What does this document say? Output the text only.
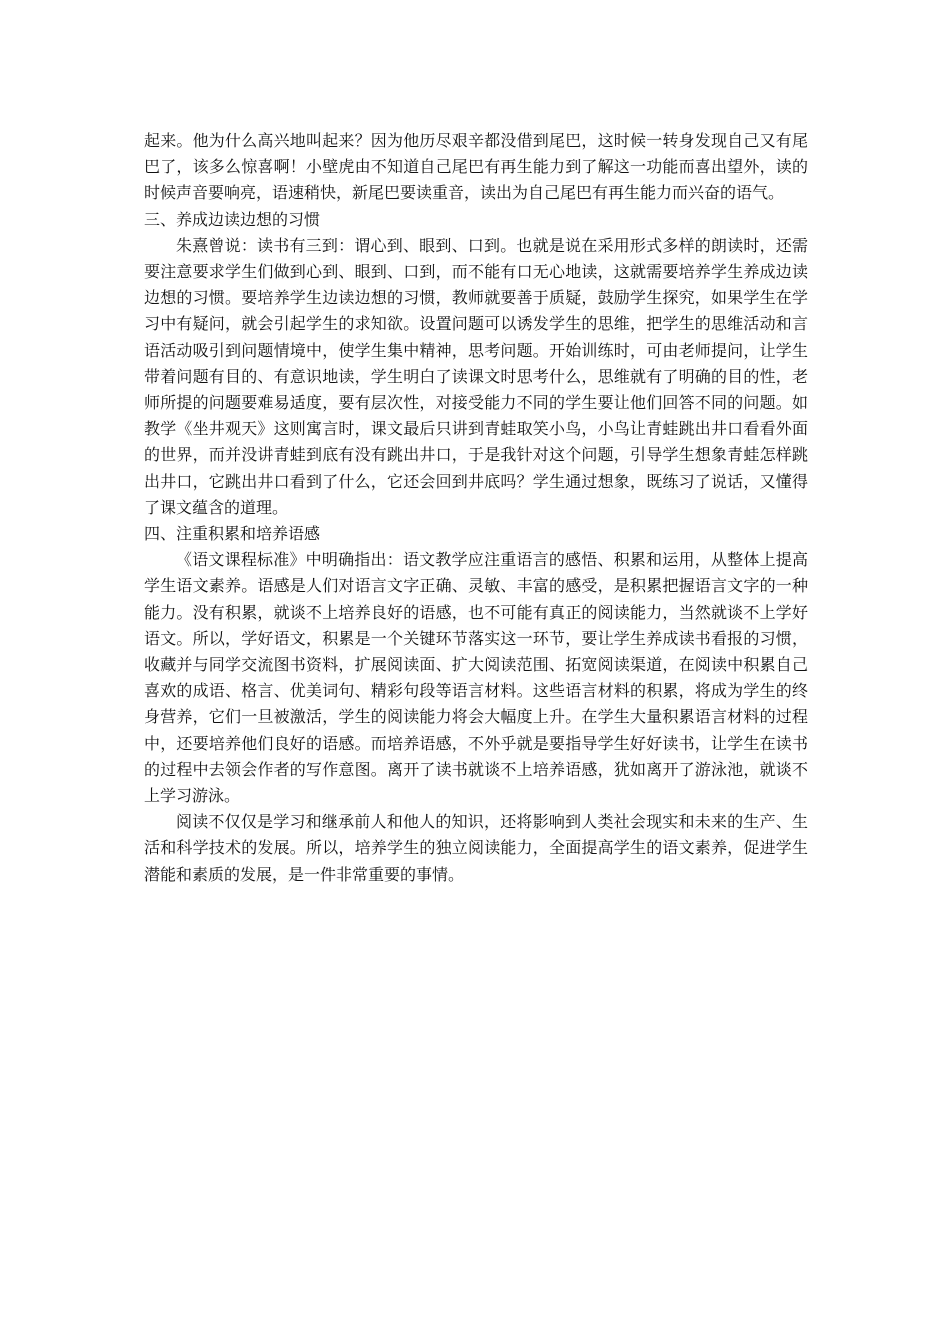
起来。他为什么高兴地叫起来？因为他历尽艰辛都没借到尾巴，这时候一转身发现自己又有尾巴了，该多么惊喜啊！小壁虎由不知道自己尾巴有再生能力到了解这一功能而喜出望外，读的时候声音要响亮，语速稍快，新尾巴要读重音，读出为自己尾巴有再生能力而兴奋的语气。

三、养成边读边想的习惯

朱熹曾说：读书有三到：谓心到、眼到、口到。也就是说在采用形式多样的朗读时，还需要注意要求学生们做到心到、眼到、口到，而不能有口无心地读，这就需要培养学生养成边读边想的习惯。要培养学生边读边想的习惯，教师就要善于质疑，鼓励学生探究，如果学生在学习中有疑问，就会引起学生的求知欲。设置问题可以诱发学生的思维，把学生的思维活动和言语活动吸引到问题情境中，使学生集中精神，思考问题。开始训练时，可由老师提问，让学生带着问题有目的、有意识地读，学生明白了读课文时思考什么，思维就有了明确的目的性，老师所提的问题要难易适度，要有层次性，对接受能力不同的学生要让他们回答不同的问题。如教学《坐井观天》这则寓言时，课文最后只讲到青蛙取笑小鸟，小鸟让青蛙跳出井口看看外面的世界，而并没讲青蛙到底有没有跳出井口，于是我针对这个问题，引导学生想象青蛙怎样跳出井口，它跳出井口看到了什么，它还会回到井底吗？学生通过想象，既练习了说话，又懂得了课文蕴含的道理。

四、注重积累和培养语感

《语文课程标准》中明确指出：语文教学应注重语言的感悟、积累和运用，从整体上提高学生语文素养。语感是人们对语言文字正确、灵敏、丰富的感受，是积累把握语言文字的一种能力。没有积累，就谈不上培养良好的语感，也不可能有真正的阅读能力，当然就谈不上学好语文。所以，学好语文，积累是一个关键环节落实这一环节，要让学生养成读书看报的习惯，收藏并与同学交流图书资料，扩展阅读面、扩大阅读范围、拓宽阅读渠道，在阅读中积累自己喜欢的成语、格言、优美词句、精彩句段等语言材料。这些语言材料的积累，将成为学生的终身营养，它们一旦被激活，学生的阅读能力将会大幅度上升。在学生大量积累语言材料的过程中，还要培养他们良好的语感。而培养语感，不外乎就是要指导学生好好读书，让学生在读书的过程中去领会作者的写作意图。离开了读书就谈不上培养语感，犹如离开了游泳池，就谈不上学习游泳。

阅读不仅仅是学习和继承前人和他人的知识，还将影响到人类社会现实和未来的生产、生活和科学技术的发展。所以，培养学生的独立阅读能力，全面提高学生的语文素养，促进学生潜能和素质的发展，是一件非常重要的事情。
